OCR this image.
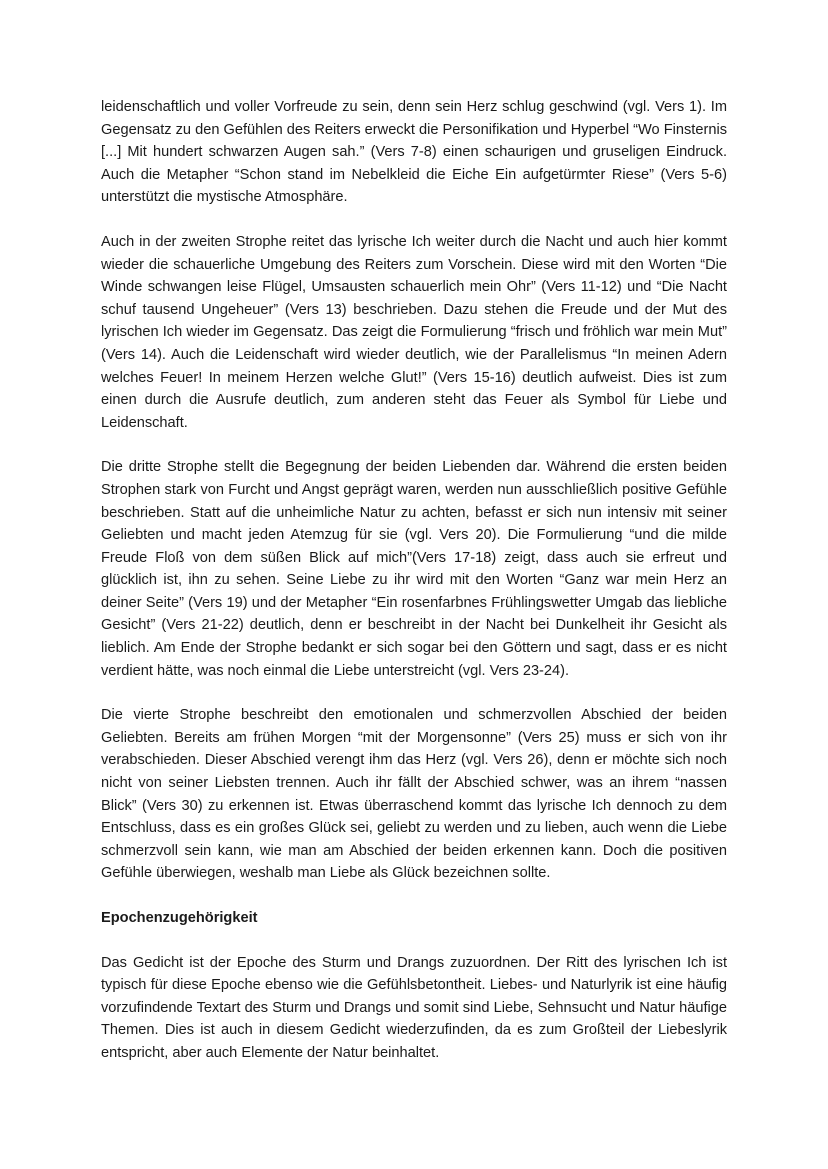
leidenschaftlich und voller Vorfreude zu sein, denn sein Herz schlug geschwind (vgl. Vers 1). Im Gegensatz zu den Gefühlen des Reiters erweckt die Personifikation und Hyperbel “Wo Finsternis [...] Mit hundert schwarzen Augen sah.” (Vers 7-8) einen schaurigen und gruseligen Eindruck. Auch die Metapher “Schon stand im Nebelkleid die Eiche Ein aufgetürmter Riese” (Vers 5-6) unterstützt die mystische Atmosphäre.

Auch in der zweiten Strophe reitet das lyrische Ich weiter durch die Nacht und auch hier kommt wieder die schauerliche Umgebung des Reiters zum Vorschein. Diese wird mit den Worten “Die Winde schwangen leise Flügel, Umsausten schauerlich mein Ohr” (Vers 11-12) und “Die Nacht schuf tausend Ungeheuer” (Vers 13) beschrieben. Dazu stehen die Freude und der Mut des lyrischen Ich wieder im Gegensatz. Das zeigt die Formulierung “frisch und fröhlich war mein Mut” (Vers 14). Auch die Leidenschaft wird wieder deutlich, wie der Parallelismus “In meinen Adern welches Feuer! In meinem Herzen welche Glut!” (Vers 15-16) deutlich aufweist. Dies ist zum einen durch die Ausrufe deutlich, zum anderen steht das Feuer als Symbol für Liebe und Leidenschaft.

Die dritte Strophe stellt die Begegnung der beiden Liebenden dar. Während die ersten beiden Strophen stark von Furcht und Angst geprägt waren, werden nun ausschließlich positive Gefühle beschrieben. Statt auf die unheimliche Natur zu achten, befasst er sich nun intensiv mit seiner Geliebten und macht jeden Atemzug für sie (vgl. Vers 20). Die Formulierung “und die milde Freude Floß von dem süßen Blick auf mich”(Vers 17-18) zeigt, dass auch sie erfreut und glücklich ist, ihn zu sehen. Seine Liebe zu ihr wird mit den Worten “Ganz war mein Herz an deiner Seite” (Vers 19) und der Metapher “Ein rosenfarbnes Frühlingswetter Umgab das liebliche Gesicht” (Vers 21-22) deutlich, denn er beschreibt in der Nacht bei Dunkelheit ihr Gesicht als lieblich. Am Ende der Strophe bedankt er sich sogar bei den Göttern und sagt, dass er es nicht verdient hätte, was noch einmal die Liebe unterstreicht (vgl. Vers 23-24).

Die vierte Strophe beschreibt den emotionalen und schmerzvollen Abschied der beiden Geliebten. Bereits am frühen Morgen “mit der Morgensonne” (Vers 25) muss er sich von ihr verabschieden. Dieser Abschied verengt ihm das Herz (vgl. Vers 26), denn er möchte sich noch nicht von seiner Liebsten trennen. Auch ihr fällt der Abschied schwer, was an ihrem “nassen Blick” (Vers 30) zu erkennen ist. Etwas überraschend kommt das lyrische Ich dennoch zu dem Entschluss, dass es ein großes Glück sei, geliebt zu werden und zu lieben, auch wenn die Liebe schmerzvoll sein kann, wie man am Abschied der beiden erkennen kann. Doch die positiven Gefühle überwiegen, weshalb man Liebe als Glück bezeichnen sollte.

Epochenzugehörigkeit

Das Gedicht ist der Epoche des Sturm und Drangs zuzuordnen. Der Ritt des lyrischen Ich ist typisch für diese Epoche ebenso wie die Gefühlsbetontheit. Liebes- und Naturlyrik ist eine häufig vorzufindende Textart des Sturm und Drangs und somit sind Liebe, Sehnsucht und Natur häufige Themen. Dies ist auch in diesem Gedicht wiederzufinden, da es zum Großteil der Liebeslyrik entspricht, aber auch Elemente der Natur beinhaltet.
